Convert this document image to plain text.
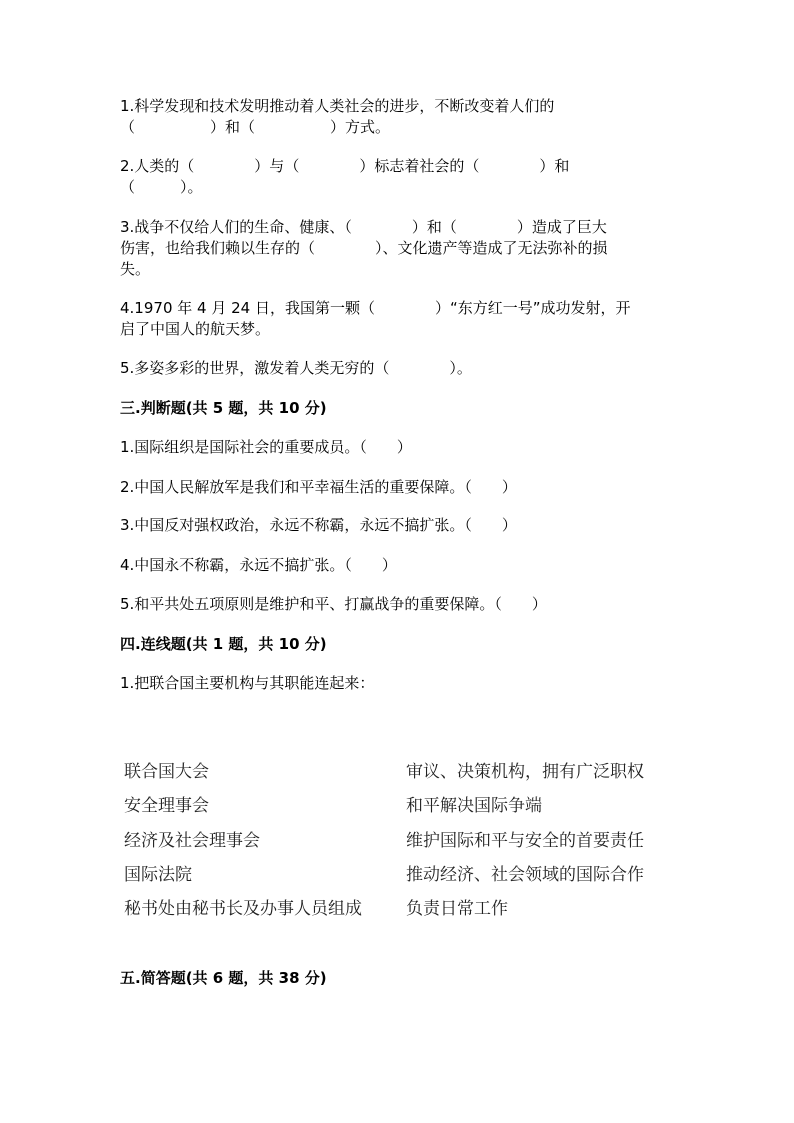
1.科学发现和技术发明推动着人类社会的进步，不断改变着人们的
（　　　　　）和（　　　　　）方式。
2.人类的（　　　　）与（　　　　）标志着社会的（　　　　）和
（　　　）。
3.战争不仅给人们的生命、健康、（　　　　）和（　　　　）造成了巨大
伤害，也给我们赖以生存的（　　　　）、文化遗产等造成了无法弥补的损
失。
4.1970 年 4 月 24 日，我国第一颗（　　　　）“东方红一号”成功发射，开
启了中国人的航天梦。
5.多姿多彩的世界，激发着人类无穷的（　　　　）。
三.判断题(共 5 题，共 10 分)
1.国际组织是国际社会的重要成员。（　　）
2.中国人民解放军是我们和平幸福生活的重要保障。（　　）
3.中国反对强权政治，永远不称霸，永远不搞扩张。（　　）
4.中国永不称霸，永远不搞扩张。（　　）
5.和平共处五项原则是维护和平、打赢战争的重要保障。（　　）
四.连线题(共 1 题，共 10 分)
1.把联合国主要机构与其职能连起来：
联合国大会
安全理事会
经济及社会理事会
国际法院
秘书处由秘书长及办事人员组成
审议、决策机构，拥有广泛职权
和平解决国际争端
维护国际和平与安全的首要责任
推动经济、社会领域的国际合作
负责日常工作
五.简答题(共 6 题，共 38 分)
